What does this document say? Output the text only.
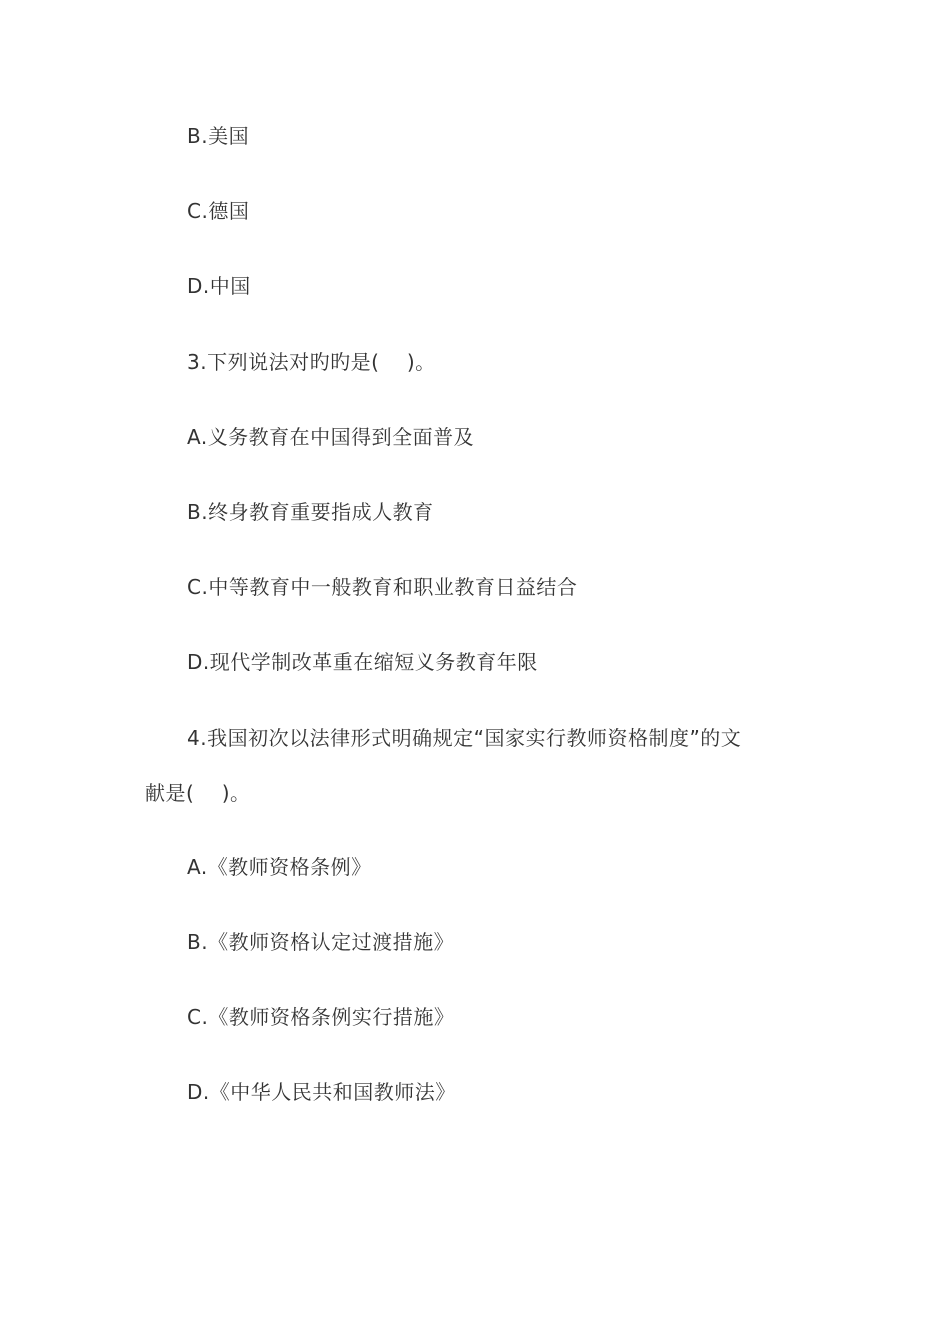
B.美国
C.德国
D.中国
3.下列说法对旳旳是(    )。
A.义务教育在中国得到全面普及
B.终身教育重要指成人教育
C.中等教育中一般教育和职业教育日益结合
D.现代学制改革重在缩短义务教育年限
4.我国初次以法律形式明确规定“国家实行教师资格制度”的文
献是(    )。
A.《教师资格条例》
B.《教师资格认定过渡措施》
C.《教师资格条例实行措施》
D.《中华人民共和国教师法》
